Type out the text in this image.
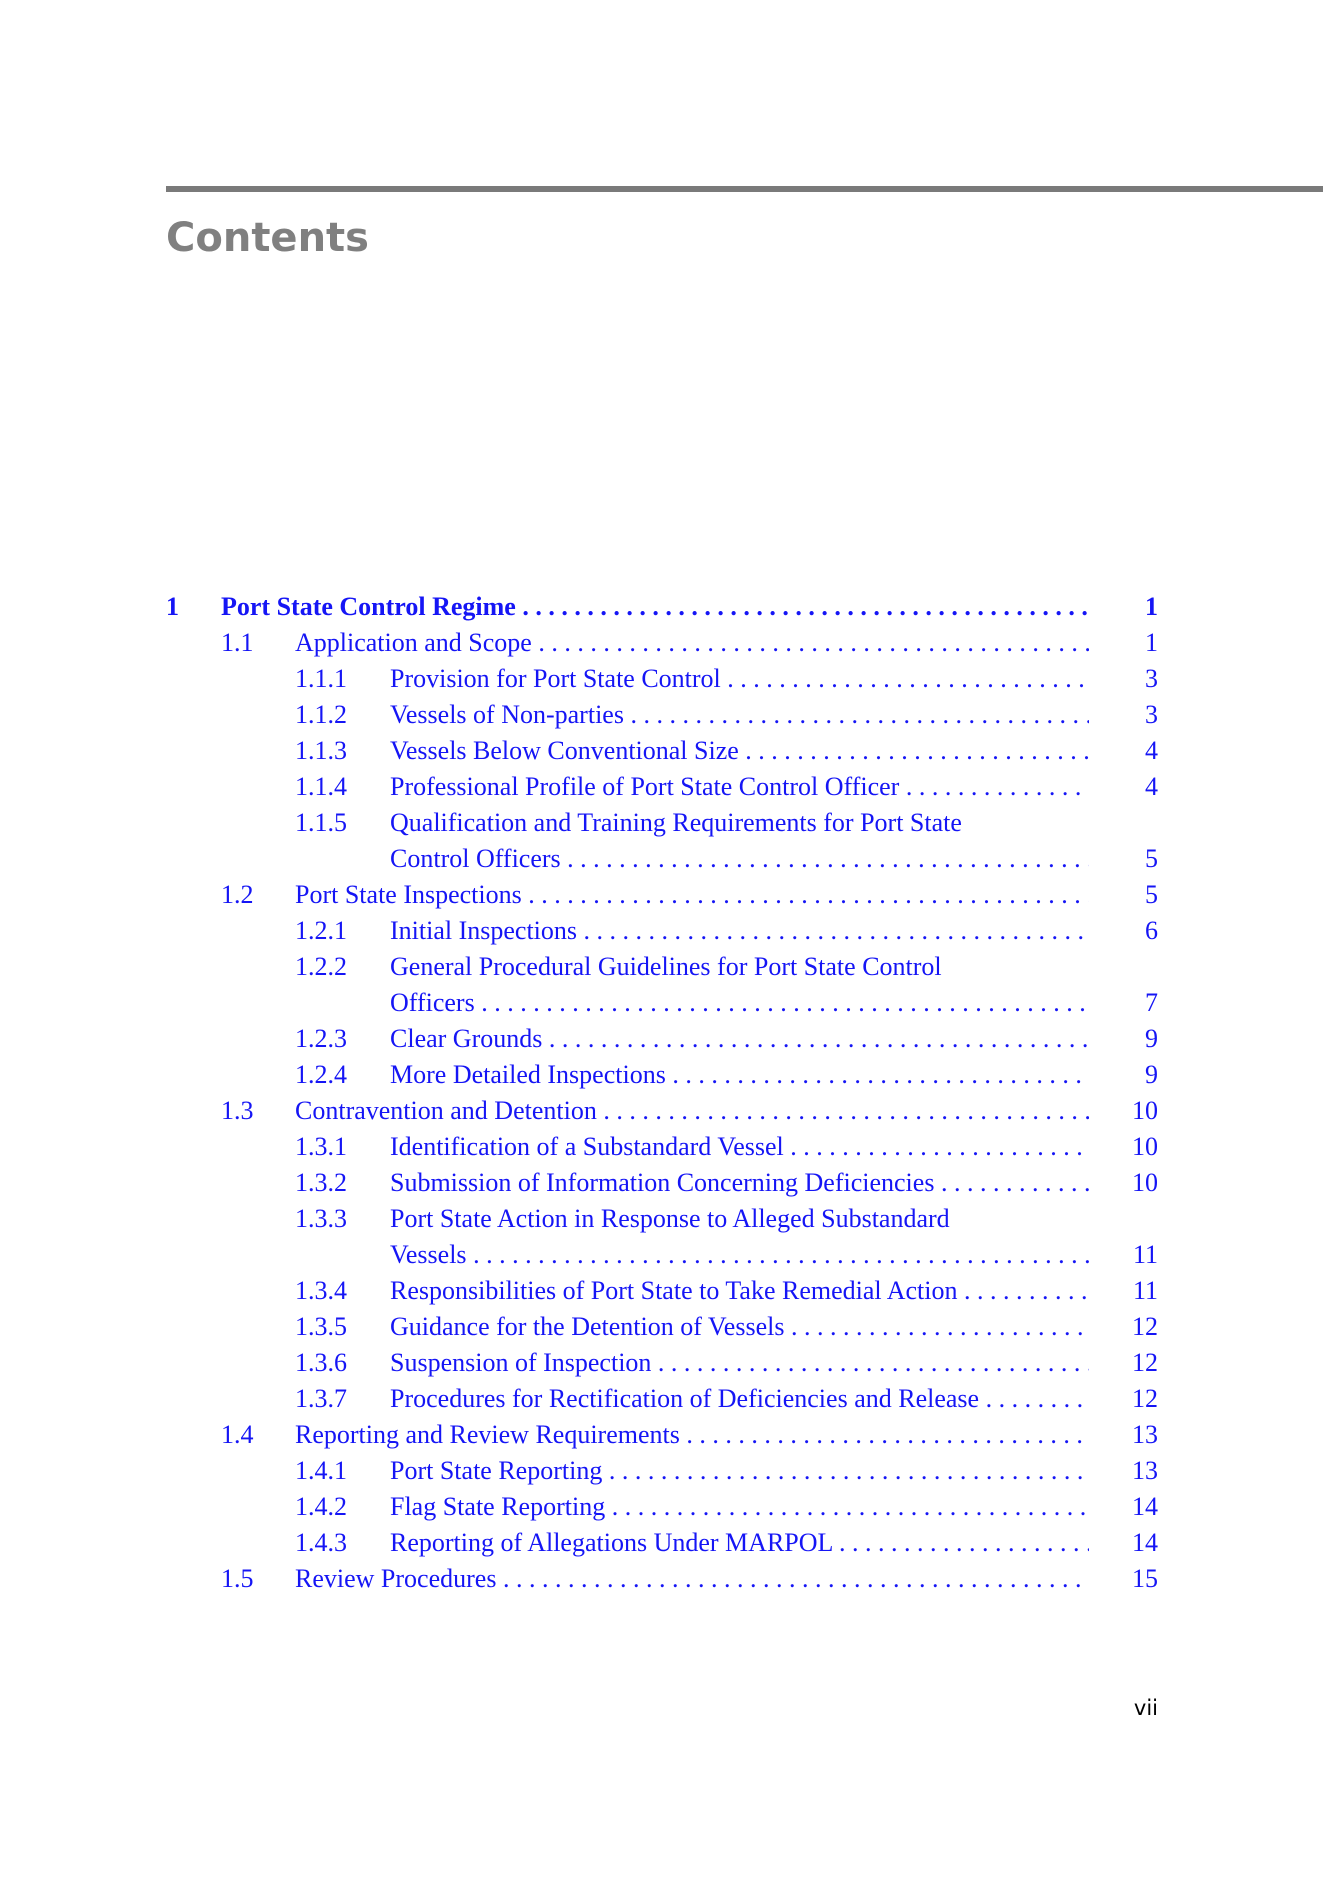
Contents
1 Port State Control Regime . . .	1
1.1 Application and Scope . . .	1
1.1.1 Provision for Port State Control . . .	3
1.1.2 Vessels of Non-parties . . .	3
1.1.3 Vessels Below Conventional Size . . .	4
1.1.4 Professional Profile of Port State Control Officer . . .	4
1.1.5 Qualification and Training Requirements for Port State
Control Officers . . .	5
1.2 Port State Inspections . . .	5
1.2.1 Initial Inspections . . .	6
1.2.2 General Procedural Guidelines for Port State Control
Officers . . .	7
1.2.3 Clear Grounds . . .	9
1.2.4 More Detailed Inspections . . .	9
1.3 Contravention and Detention . . .	10
1.3.1 Identification of a Substandard Vessel . . .	10
1.3.2 Submission of Information Concerning Deficiencies . . .	10
1.3.3 Port State Action in Response to Alleged Substandard
Vessels . . .	11
1.3.4 Responsibilities of Port State to Take Remedial Action . . .	11
1.3.5 Guidance for the Detention of Vessels . . .	12
1.3.6 Suspension of Inspection . . .	12
1.3.7 Procedures for Rectification of Deficiencies and Release . . .	12
1.4 Reporting and Review Requirements . . .	13
1.4.1 Port State Reporting . . .	13
1.4.2 Flag State Reporting . . .	14
1.4.3 Reporting of Allegations Under MARPOL . . .	14
1.5 Review Procedures . . .	15
vii
